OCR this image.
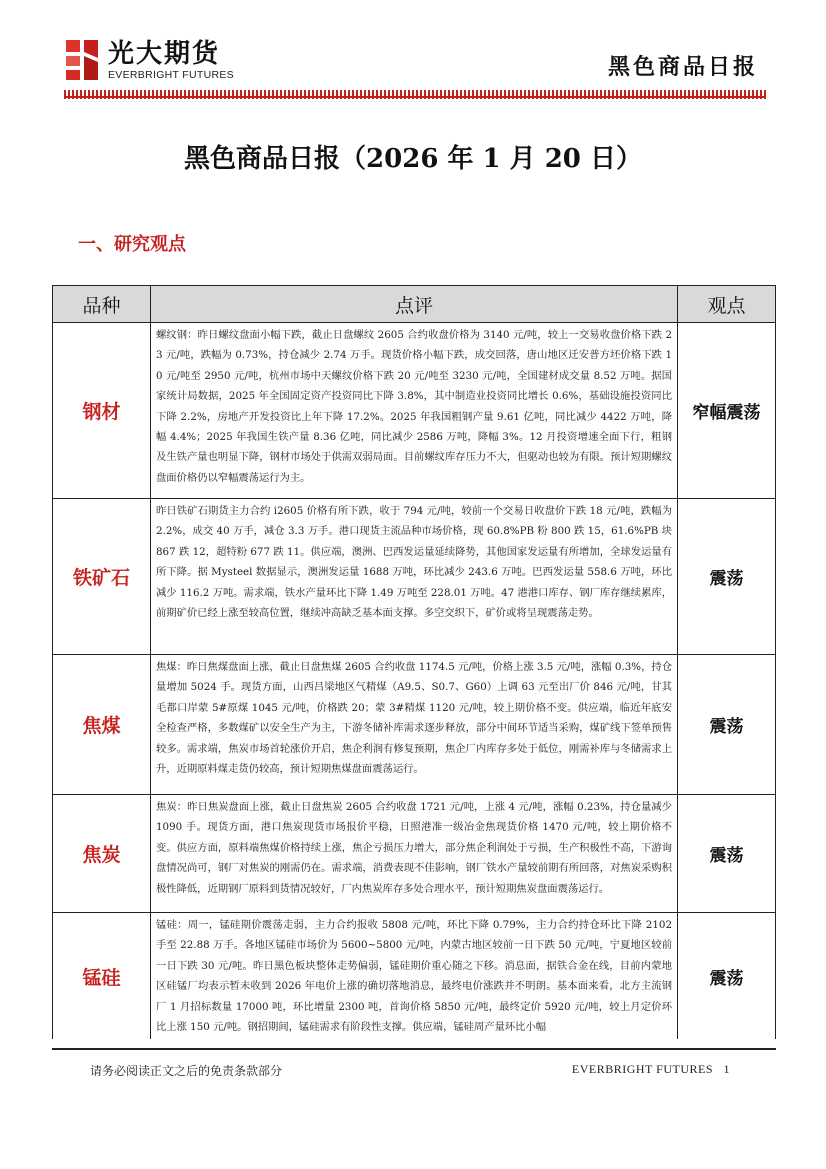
光大期货
EVERBRIGHT FUTURES	黑色商品日报
黑色商品日报（2026 年 1 月 20 日）
一、研究观点
品种	点评	观点
钢材	螺纹钢：昨日螺纹盘面小幅下跌，截止日盘螺纹 2605 合约收盘价格为 3140 元/吨，较上一交易收盘价格下跌 23 元/吨，跌幅为 0.73%，持仓减少 2.74 万手。现货价格小幅下跌，成交回落，唐山地区迁安普方坯价格下跌 10 元/吨至 2950 元/吨，杭州市场中天螺纹价格下跌 20 元/吨至 3230 元/吨，全国建材成交量 8.52 万吨。据国家统计局数据，2025 年全国固定资产投资同比下降 3.8%，其中制造业投资同比增长 0.6%，基础设施投资同比下降 2.2%，房地产开发投资比上年下降 17.2%。2025 年我国粗钢产量 9.61 亿吨，同比减少 4422 万吨，降幅 4.4%；2025 年我国生铁产量 8.36 亿吨，同比减少 2586 万吨，降幅 3%。12 月投资增速全面下行，粗钢及生铁产量也明显下降，钢材市场处于供需双弱局面。目前螺纹库存压力不大，但驱动也较为有限。预计短期螺纹盘面价格仍以窄幅震荡运行为主。	窄幅震荡
铁矿石	昨日铁矿石期货主力合约 i2605 价格有所下跌，收于 794 元/吨，较前一个交易日收盘价下跌 18 元/吨，跌幅为 2.2%，成交 40 万手，减仓 3.3 万手。港口现货主流品种市场价格，现 60.8%PB 粉 800 跌 15，61.6%PB 块 867 跌 12，超特粉 677 跌 11。供应端，澳洲、巴西发运量延续降势，其他国家发运量有所增加，全球发运量有所下降。据 Mysteel 数据显示，澳洲发运量 1688 万吨，环比减少 243.6 万吨。巴西发运量 558.6 万吨，环比减少 116.2 万吨。需求端，铁水产量环比下降 1.49 万吨至 228.01 万吨。47 港港口库存、钢厂库存继续累库，前期矿价已经上涨至较高位置，继续冲高缺乏基本面支撑。多空交织下，矿价或将呈现震荡走势。	震荡
焦煤	焦煤：昨日焦煤盘面上涨，截止日盘焦煤 2605 合约收盘 1174.5 元/吨，价格上涨 3.5 元/吨，涨幅 0.3%，持仓量增加 5024 手。现货方面，山西吕梁地区气精煤（A9.5、S0.7、G60）上调 63 元至出厂价 846 元/吨，甘其毛都口岸蒙 5#原煤 1045 元/吨，价格跌 20；蒙 3#精煤 1120 元/吨，较上期价格不变。供应端，临近年底安全检查严格，多数煤矿以安全生产为主，下游冬储补库需求逐步释放，部分中间环节适当采购，煤矿线下签单预售较多。需求端，焦炭市场首轮涨价开启，焦企利润有修复预期，焦企厂内库存多处于低位，刚需补库与冬储需求上升，近期原料煤走货仍较高，预计短期焦煤盘面震荡运行。	震荡
焦炭	焦炭：昨日焦炭盘面上涨，截止日盘焦炭 2605 合约收盘 1721 元/吨，上涨 4 元/吨，涨幅 0.23%，持仓量减少 1090 手。现货方面，港口焦炭现货市场报价平稳，日照港准一级冶金焦现货价格 1470 元/吨，较上期价格不变。供应方面，原料端焦煤价格持续上涨，焦企亏损压力增大，部分焦企利润处于亏损，生产积极性不高，下游询盘情况尚可，钢厂对焦炭的刚需仍在。需求端，消费表现不佳影响，钢厂铁水产量较前期有所回落，对焦炭采购积极性降低，近期钢厂原料到货情况较好，厂内焦炭库存多处合理水平，预计短期焦炭盘面震荡运行。	震荡
锰硅	锰硅：周一，锰硅期价震荡走弱，主力合约报收 5808 元/吨，环比下降 0.79%，主力合约持仓环比下降 2102 手至 22.88 万手。各地区锰硅市场价为 5600~5800 元/吨，内蒙古地区较前一日下跌 50 元/吨，宁夏地区较前一日下跌 30 元/吨。昨日黑色板块整体走势偏弱，锰硅期价重心随之下移。消息面，据铁合金在线，目前内蒙地区硅锰厂均表示暂未收到 2026 年电价上涨的确切落地消息，最终电价涨跌并不明朗。基本面来看，北方主流钢厂 1 月招标数量 17000 吨，环比增量 2300 吨，首询价格 5850 元/吨，最终定价 5920 元/吨，较上月定价环比上涨 150 元/吨。钢招期间，锰硅需求有阶段性支撑。供应端，锰硅周产量环比小幅	震荡
请务必阅读正文之后的免责条款部分	EVERBRIGHT FUTURES 1
